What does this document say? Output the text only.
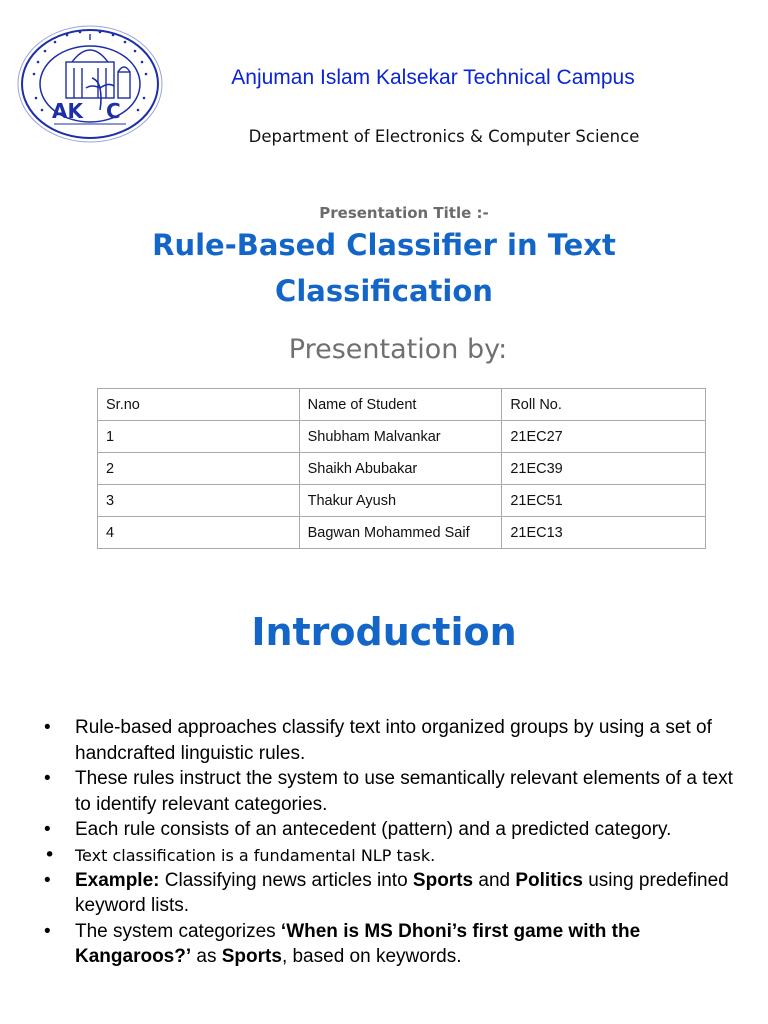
AK C
Anjuman Islam Kalsekar Technical Campus
Department of Electronics & Computer Science
Presentation Title :-
Rule-Based Classifier in Text
Classification
Presentation by:
Sr.no	Name of Student	Roll No.
1	Shubham Malvankar	21EC27
2	Shaikh Abubakar	21EC39
3	Thakur Ayush	21EC51
4	Bagwan Mohammed Saif	21EC13
Introduction
• Rule-based approaches classify text into organized groups by using a set of handcrafted linguistic rules.
• These rules instruct the system to use semantically relevant elements of a text to identify relevant categories.
• Each rule consists of an antecedent (pattern) and a predicted category.
• Text classification is a fundamental NLP task.
• Example: Classifying news articles into Sports and Politics using predefined keyword lists.
• The system categorizes ‘When is MS Dhoni’s first game with the Kangaroos?’ as Sports, based on keywords.
